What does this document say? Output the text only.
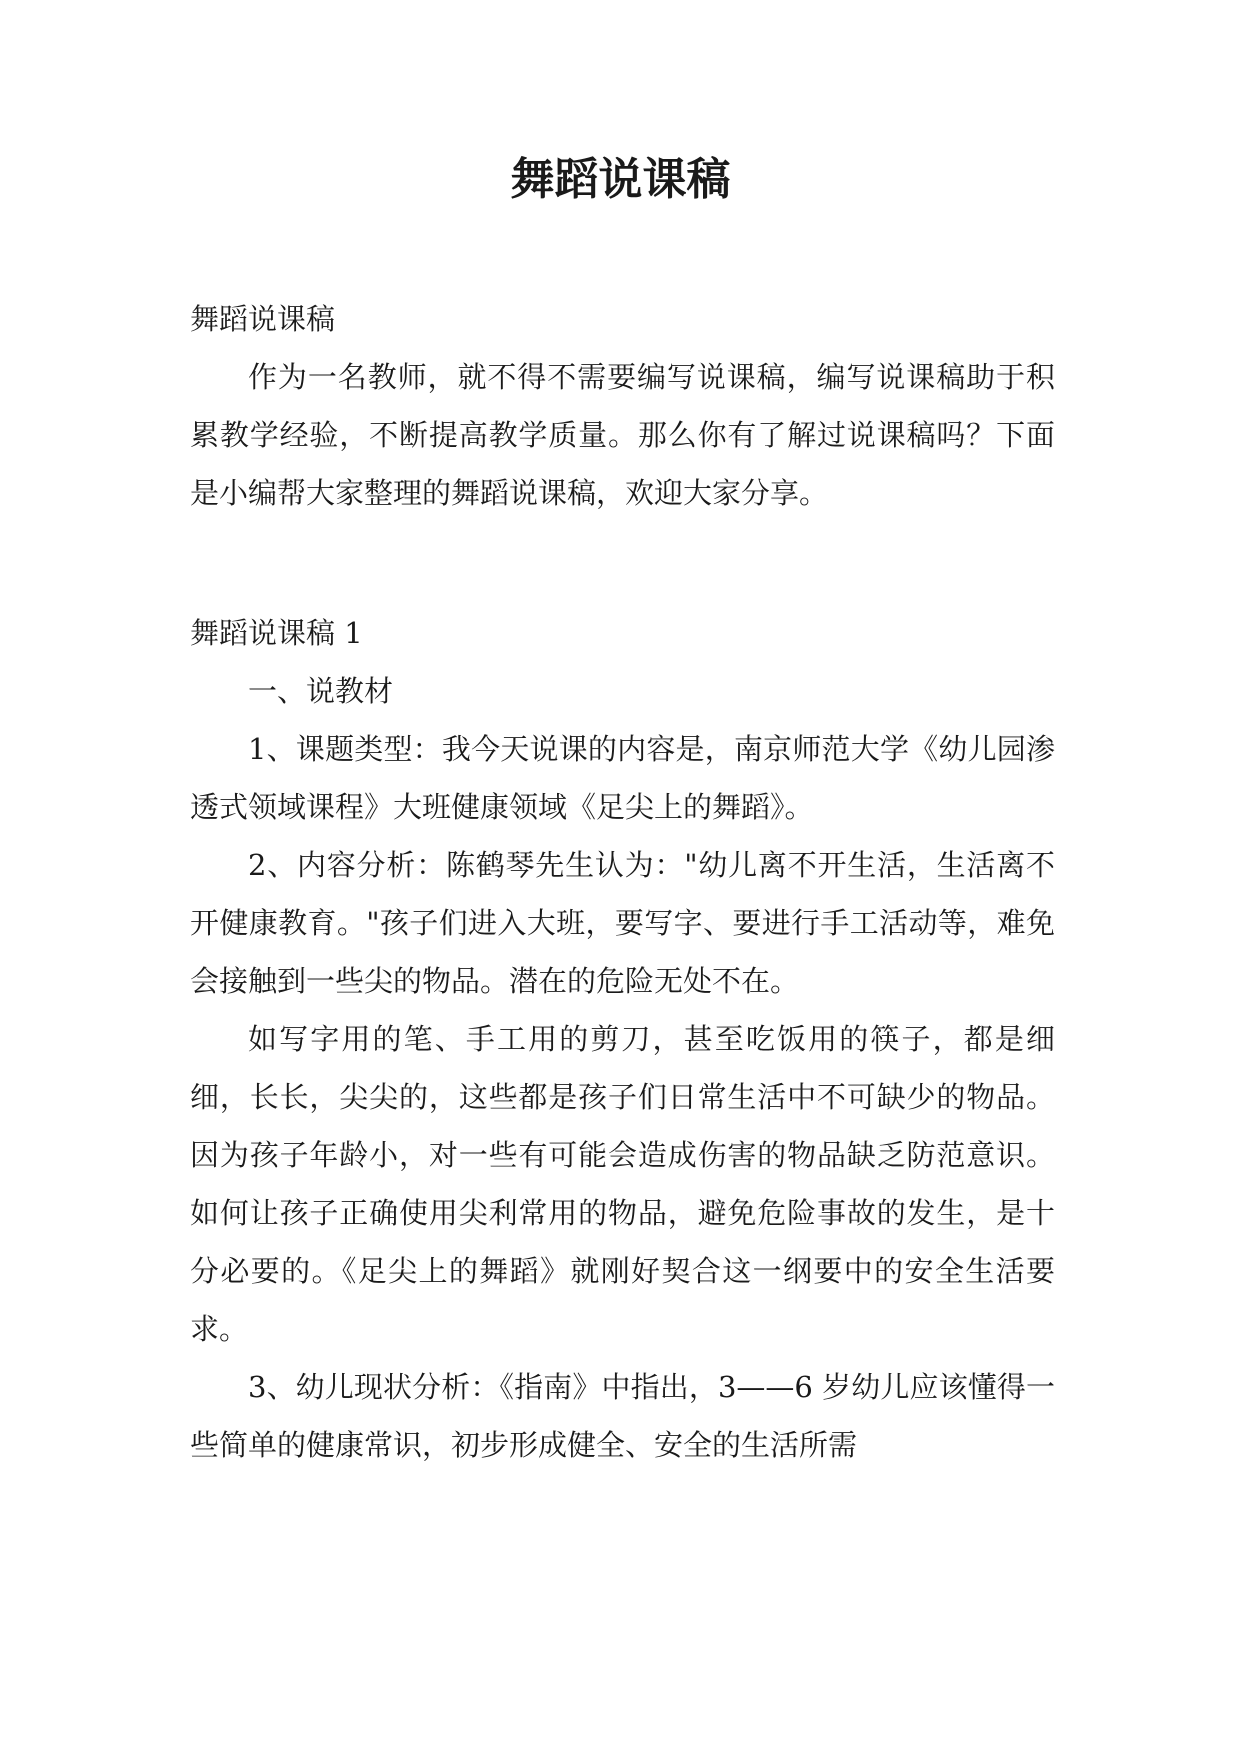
舞蹈说课稿

舞蹈说课稿

作为一名教师，就不得不需要编写说课稿，编写说课稿助于积累教学经验，不断提高教学质量。那么你有了解过说课稿吗？下面是小编帮大家整理的舞蹈说课稿，欢迎大家分享。

舞蹈说课稿 1

一、说教材

1、课题类型：我今天说课的内容是，南京师范大学《幼儿园渗透式领域课程》大班健康领域《足尖上的舞蹈》。

2、内容分析：陈鹤琴先生认为："幼儿离不开生活，生活离不开健康教育。"孩子们进入大班，要写字、要进行手工活动等，难免会接触到一些尖的物品。潜在的危险无处不在。

如写字用的笔、手工用的剪刀，甚至吃饭用的筷子，都是细细，长长，尖尖的，这些都是孩子们日常生活中不可缺少的物品。因为孩子年龄小，对一些有可能会造成伤害的物品缺乏防范意识。如何让孩子正确使用尖利常用的物品，避免危险事故的发生，是十分必要的。《足尖上的舞蹈》就刚好契合这一纲要中的安全生活要求。

3、幼儿现状分析：《指南》中指出，3——6 岁幼儿应该懂得一些简单的健康常识，初步形成健全、安全的生活所需
